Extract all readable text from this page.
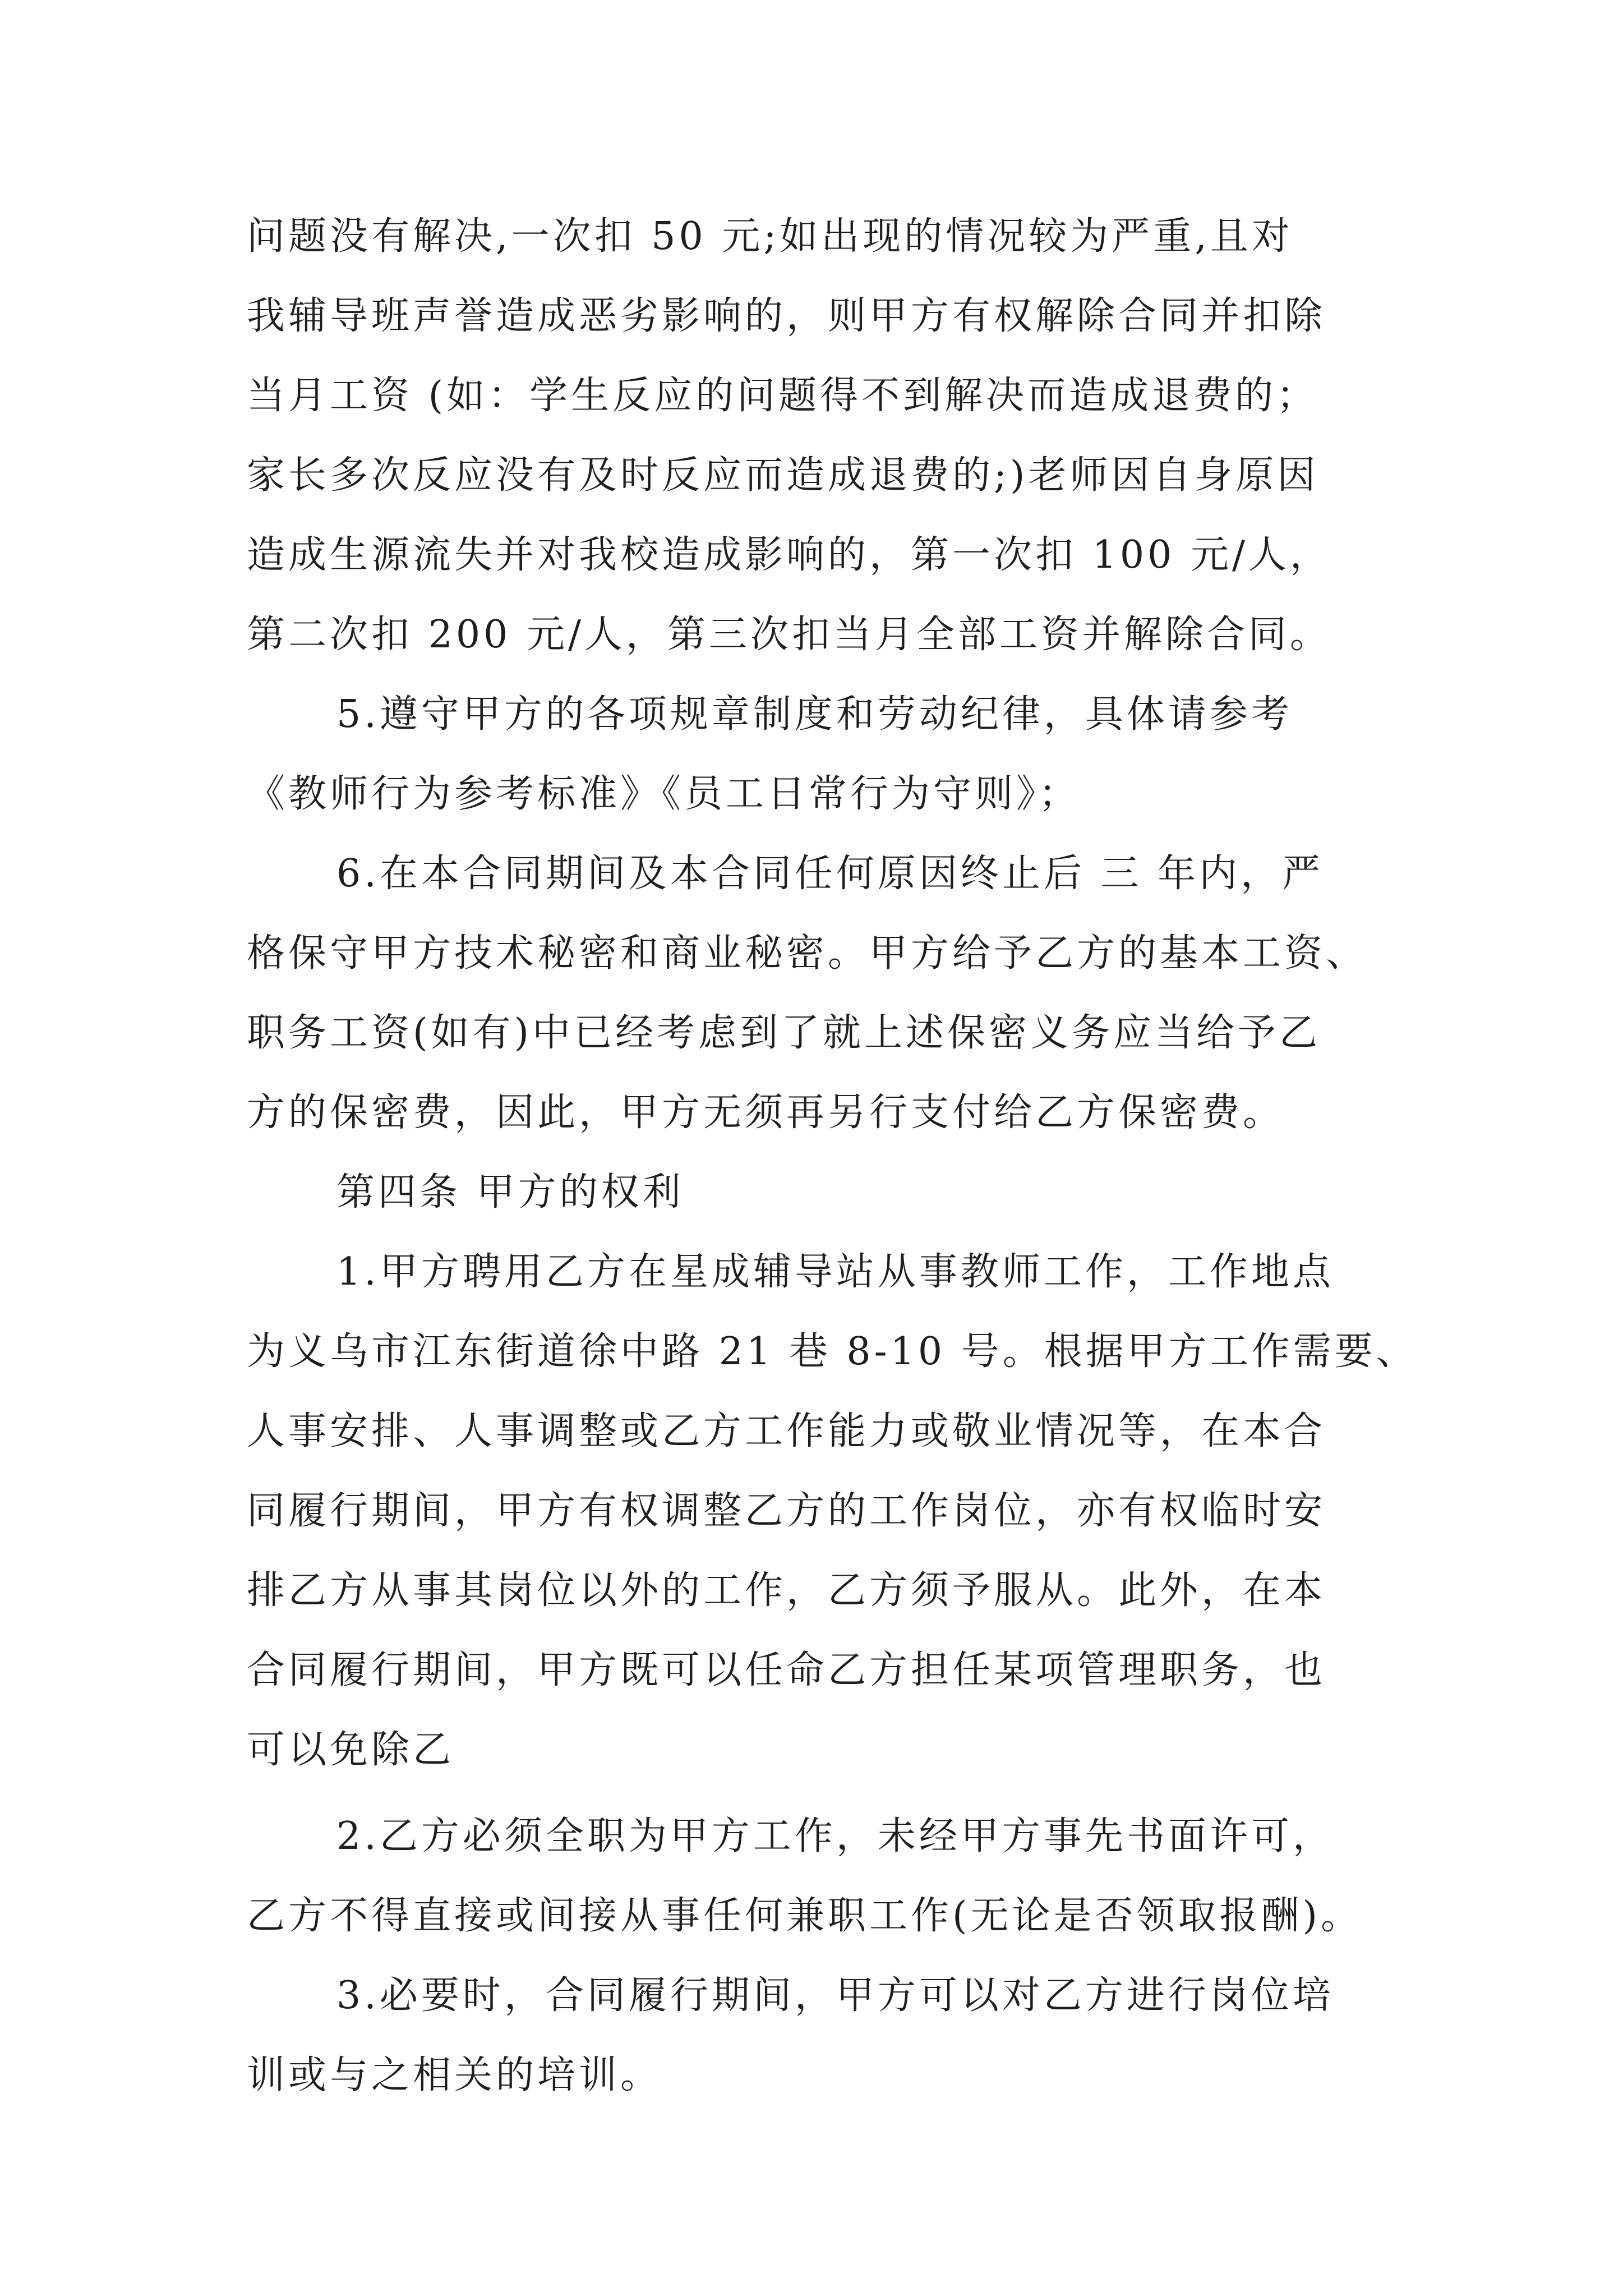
问题没有解决,一次扣 50 元;如出现的情况较为严重,且对
我辅导班声誉造成恶劣影响的，则甲方有权解除合同并扣除
当月工资 (如：学生反应的问题得不到解决而造成退费的；
家长多次反应没有及时反应而造成退费的;)老师因自身原因
造成生源流失并对我校造成影响的，第一次扣 100 元/人，
第二次扣 200 元/人，第三次扣当月全部工资并解除合同。
5.遵守甲方的各项规章制度和劳动纪律，具体请参考
《教师行为参考标准》《员工日常行为守则》；
6.在本合同期间及本合同任何原因终止后 三 年内，严
格保守甲方技术秘密和商业秘密。甲方给予乙方的基本工资、
职务工资(如有)中已经考虑到了就上述保密义务应当给予乙
方的保密费，因此，甲方无须再另行支付给乙方保密费。
第四条 甲方的权利
1.甲方聘用乙方在星成辅导站从事教师工作，工作地点
为义乌市江东街道徐中路 21 巷 8-10 号。根据甲方工作需要、
人事安排、人事调整或乙方工作能力或敬业情况等，在本合
同履行期间，甲方有权调整乙方的工作岗位，亦有权临时安
排乙方从事其岗位以外的工作，乙方须予服从。此外，在本
合同履行期间，甲方既可以任命乙方担任某项管理职务，也
可以免除乙
2.乙方必须全职为甲方工作，未经甲方事先书面许可，
乙方不得直接或间接从事任何兼职工作(无论是否领取报酬)。
3.必要时，合同履行期间，甲方可以对乙方进行岗位培
训或与之相关的培训。
